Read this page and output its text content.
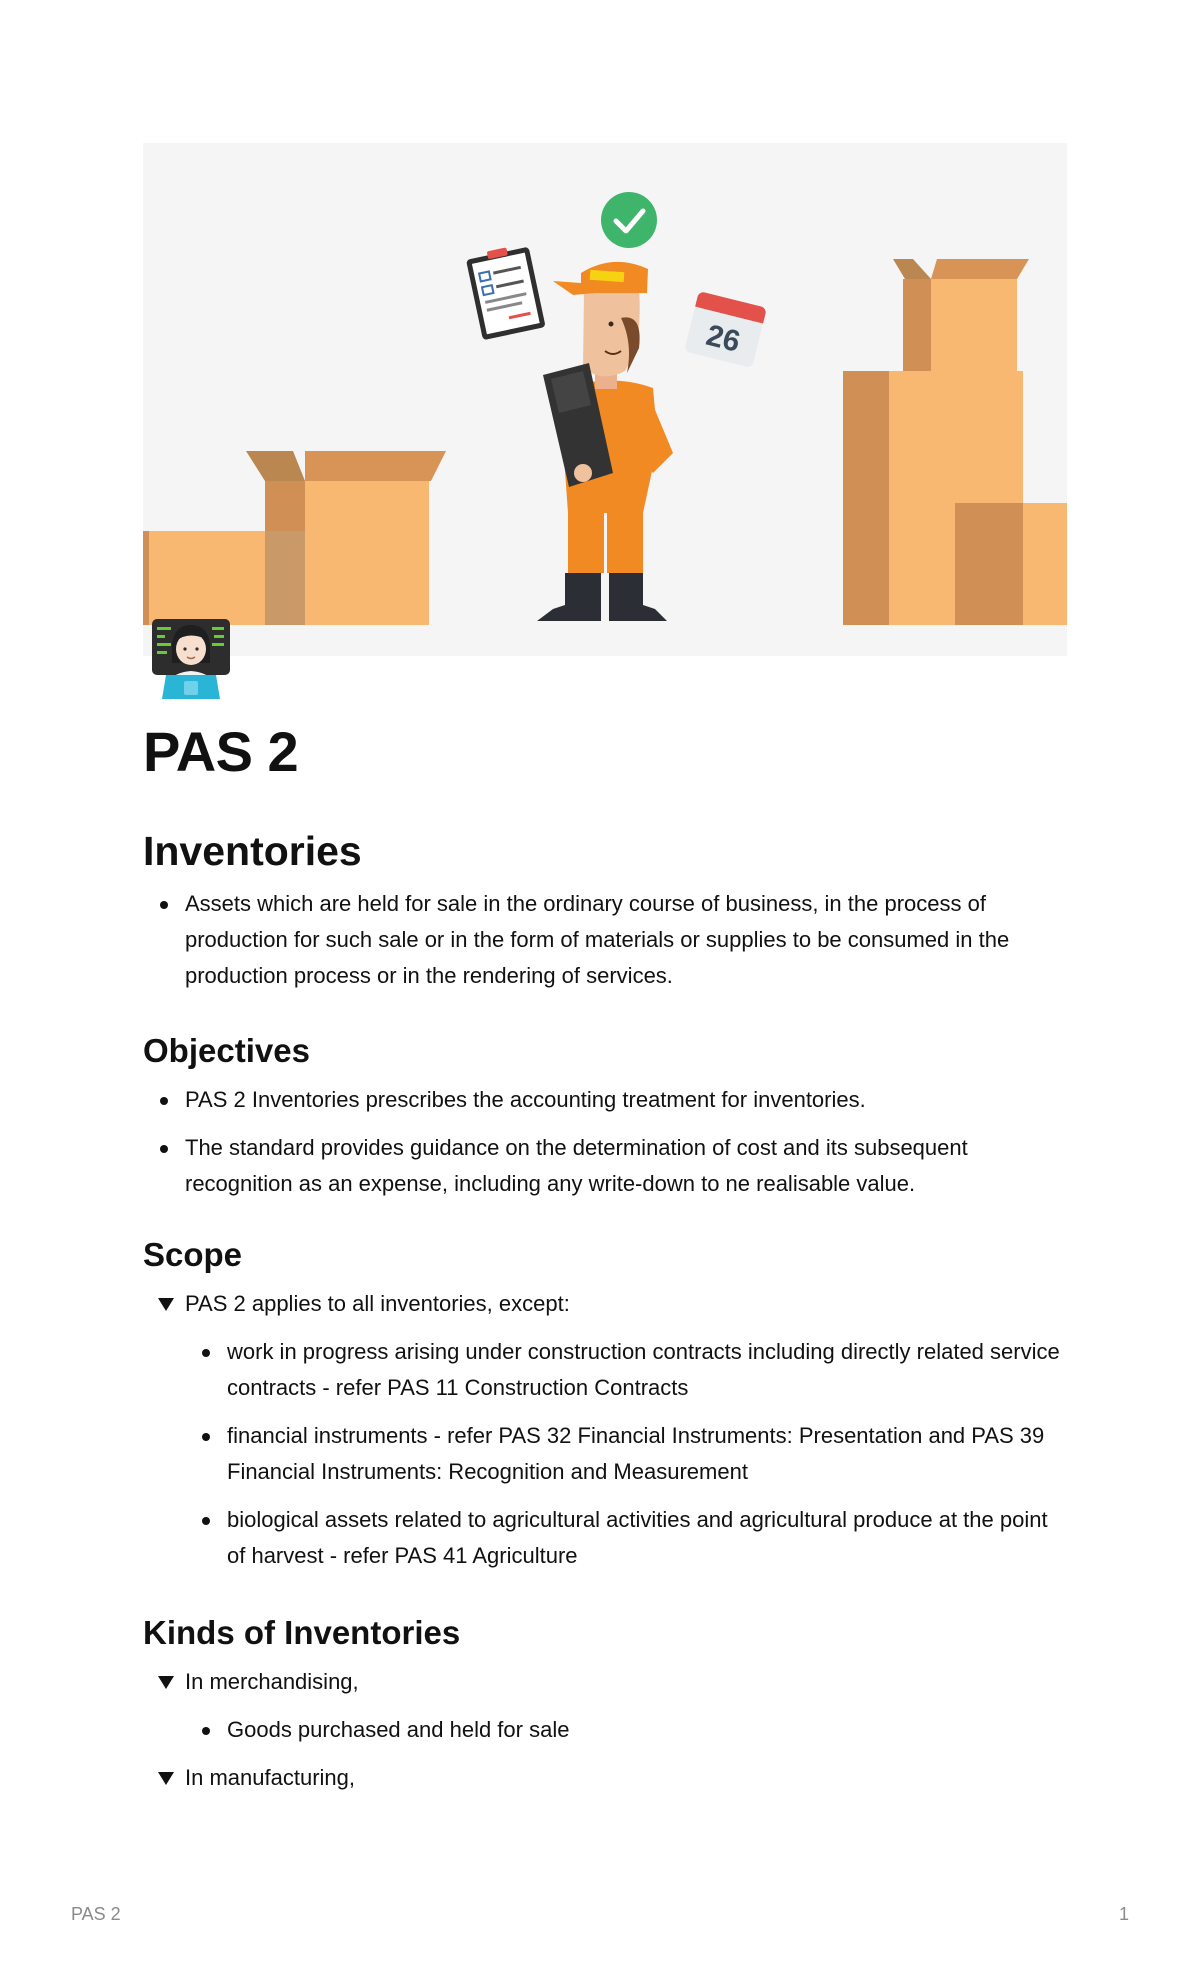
26
PAS 2
Inventories
Assets which are held for sale in the ordinary course of business, in the process of production for such sale or in the form of materials or supplies to be consumed in the production process or in the rendering of services.
Objectives
PAS 2 Inventories prescribes the accounting treatment for inventories.
The standard provides guidance on the determination of cost and its subsequent recognition as an expense, including any write-down to ne realisable value.
Scope
PAS 2 applies to all inventories, except:
work in progress arising under construction contracts including directly related service contracts - refer PAS 11 Construction Contracts
financial instruments - refer PAS 32 Financial Instruments: Presentation and PAS 39 Financial Instruments: Recognition and Measurement
biological assets related to agricultural activities and agricultural produce at the point of harvest - refer PAS 41 Agriculture
Kinds of Inventories
In merchandising,
Goods purchased and held for sale
In manufacturing,
PAS 2	1
